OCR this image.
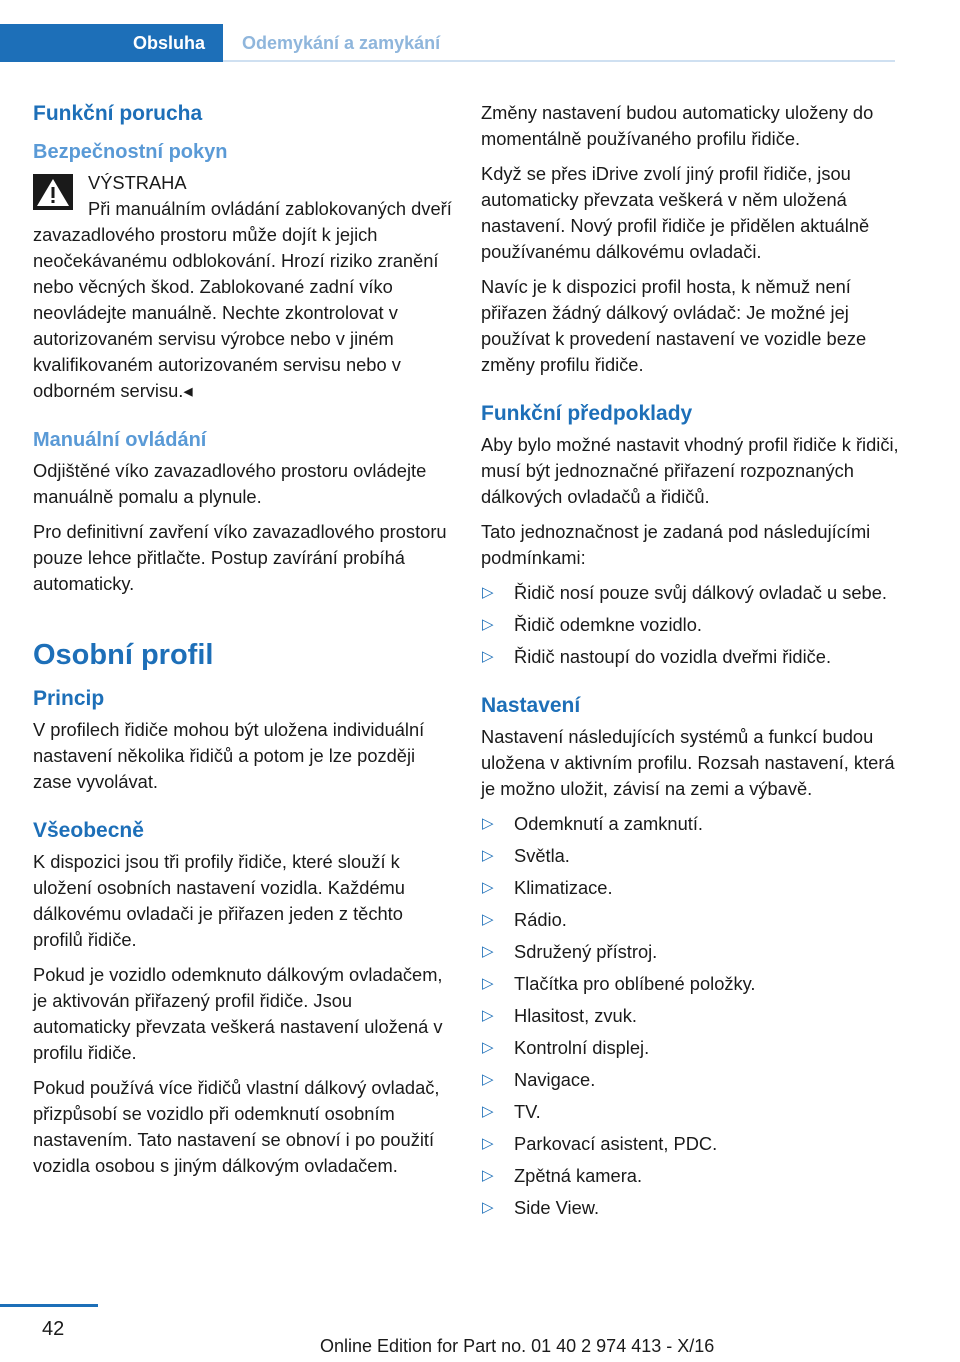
Obsluha Odemykání a zamykání
Funkční porucha
Bezpečnostní pokyn
VÝSTRAHA

Při manuálním ovládání zablokovaných dveří zavazadlového prostoru může dojít k jejich neočekávanému odblokování. Hrozí riziko zranění nebo věcných škod. Zablokované zadní víko neovládejte manuálně. Nechte zkontrolovat v autorizovaném servisu výrobce nebo v jiném kvalifikovaném autorizovaném servisu nebo v odborném servisu.◂

Manuální ovládání

Odjištěné víko zavazadlového prostoru ovládejte manuálně pomalu a plynule.

Pro definitivní zavření víko zavazadlového prostoru pouze lehce přitlačte. Postup zavírání probíhá automaticky.

Osobní profil
Princip

V profilech řidiče mohou být uložena individuální nastavení několika řidičů a potom je lze později zase vyvolávat.

Všeobecně

K dispozici jsou tři profily řidiče, které slouží k uložení osobních nastavení vozidla. Každému dálkovému ovladači je přiřazen jeden z těchto profilů řidiče.

Pokud je vozidlo odemknuto dálkovým ovladačem, je aktivován přiřazený profil řidiče. Jsou automaticky převzata veškerá nastavení uložená v profilu řidiče.

Pokud používá více řidičů vlastní dálkový ovladač, přizpůsobí se vozidlo při odemknutí osobním nastavením. Tato nastavení se obnoví i po použití vozidla osobou s jiným dálkovým ovladačem.

Změny nastavení budou automaticky uloženy do momentálně používaného profilu řidiče.

Když se přes iDrive zvolí jiný profil řidiče, jsou automaticky převzata veškerá v něm uložená nastavení. Nový profil řidiče je přidělen aktuálně používanému dálkovému ovladači.

Navíc je k dispozici profil hosta, k němuž není přiřazen žádný dálkový ovládač: Je možné jej používat k provedení nastavení ve vozidle beze změny profilu řidiče.

Funkční předpoklady

Aby bylo možné nastavit vhodný profil řidiče k řidiči, musí být jednoznačné přiřazení rozpoznaných dálkových ovladačů a řidičů.

Tato jednoznačnost je zadaná pod následujícími podmínkami:

▷ Řidič nosí pouze svůj dálkový ovladač u sebe.
▷ Řidič odemkne vozidlo.
▷ Řidič nastoupí do vozidla dveřmi řidiče.
Nastavení

Nastavení následujících systémů a funkcí budou uložena v aktivním profilu. Rozsah nastavení, která je možno uložit, závisí na zemi a výbavě.

▷ Odemknutí a zamknutí.
▷ Světla.
▷ Klimatizace.
▷ Rádio.
▷ Sdružený přístroj.
▷ Tlačítka pro oblíbené položky.
▷ Hlasitost, zvuk.
▷ Kontrolní displej.
▷ Navigace.
▷ TV.
▷ Parkovací asistent, PDC.
▷ Zpětná kamera.
▷ Side View.
42
Online Edition for Part no. 01 40 2 974 413 - X/16
